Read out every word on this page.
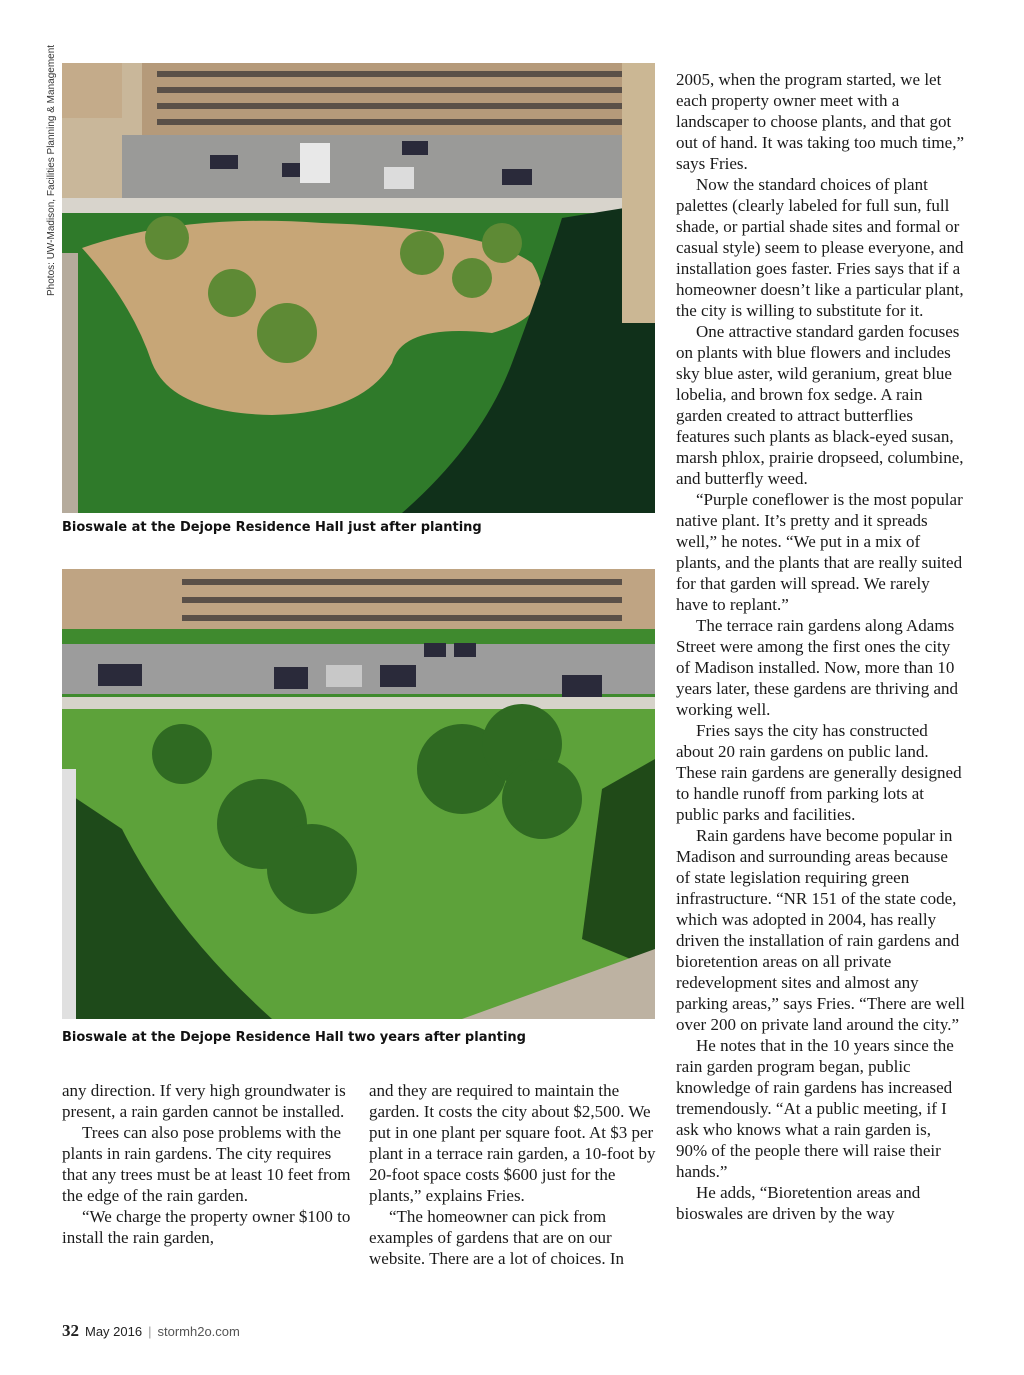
Photos: UW-Madison, Facilities Planning & Management
Bioswale at the Dejope Residence Hall just after planting
Bioswale at the Dejope Residence Hall two years after planting

2005, when the program started, we let each property owner meet with a landscaper to choose plants, and that got out of hand. It was taking too much time,” says Fries.

Now the standard choices of plant palettes (clearly labeled for full sun, full shade, or partial shade sites and formal or casual style) seem to please everyone, and installation goes faster. Fries says that if a homeowner doesn’t like a particular plant, the city is willing to substitute for it.

One attractive standard garden focuses on plants with blue flowers and includes sky blue aster, wild geranium, great blue lobelia, and brown fox sedge. A rain garden created to attract butterflies features such plants as black-eyed susan, marsh phlox, prairie dropseed, columbine, and butterfly weed.

“Purple coneflower is the most popular native plant. It’s pretty and it spreads well,” he notes. “We put in a mix of plants, and the plants that are really suited for that garden will spread. We rarely have to replant.”

The terrace rain gardens along Adams Street were among the first ones the city of Madison installed. Now, more than 10 years later, these gardens are thriving and working well.

Fries says the city has constructed about 20 rain gardens on public land. These rain gardens are generally designed to handle runoff from parking lots at public parks and facilities.

Rain gardens have become popular in Madison and surrounding areas because of state legislation requiring green infrastructure. “NR 151 of the state code, which was adopted in 2004, has really driven the installation of rain gardens and bioretention areas on all private redevelopment sites and almost any parking areas,” says Fries. “There are well over 200 on private land around the city.”

He notes that in the 10 years since the rain garden program began, public knowledge of rain gardens has increased tremendously. “At a public meeting, if I ask who knows what a rain garden is, 90% of the people there will raise their hands.”

He adds, “Bioretention areas and bioswales are driven by the way

any direction. If very high groundwater is present, a rain garden cannot be installed.

Trees can also pose problems with the plants in rain gardens. The city requires that any trees must be at least 10 feet from the edge of the rain garden.

“We charge the property owner $100 to install the rain garden,

and they are required to maintain the garden. It costs the city about $2,500. We put in one plant per square foot. At $3 per plant in a terrace rain garden, a 10-foot by 20-foot space costs $600 just for the plants,” explains Fries.

“The homeowner can pick from examples of gardens that are on our website. There are a lot of choices. In

32 May 2016 | stormh2o.com
